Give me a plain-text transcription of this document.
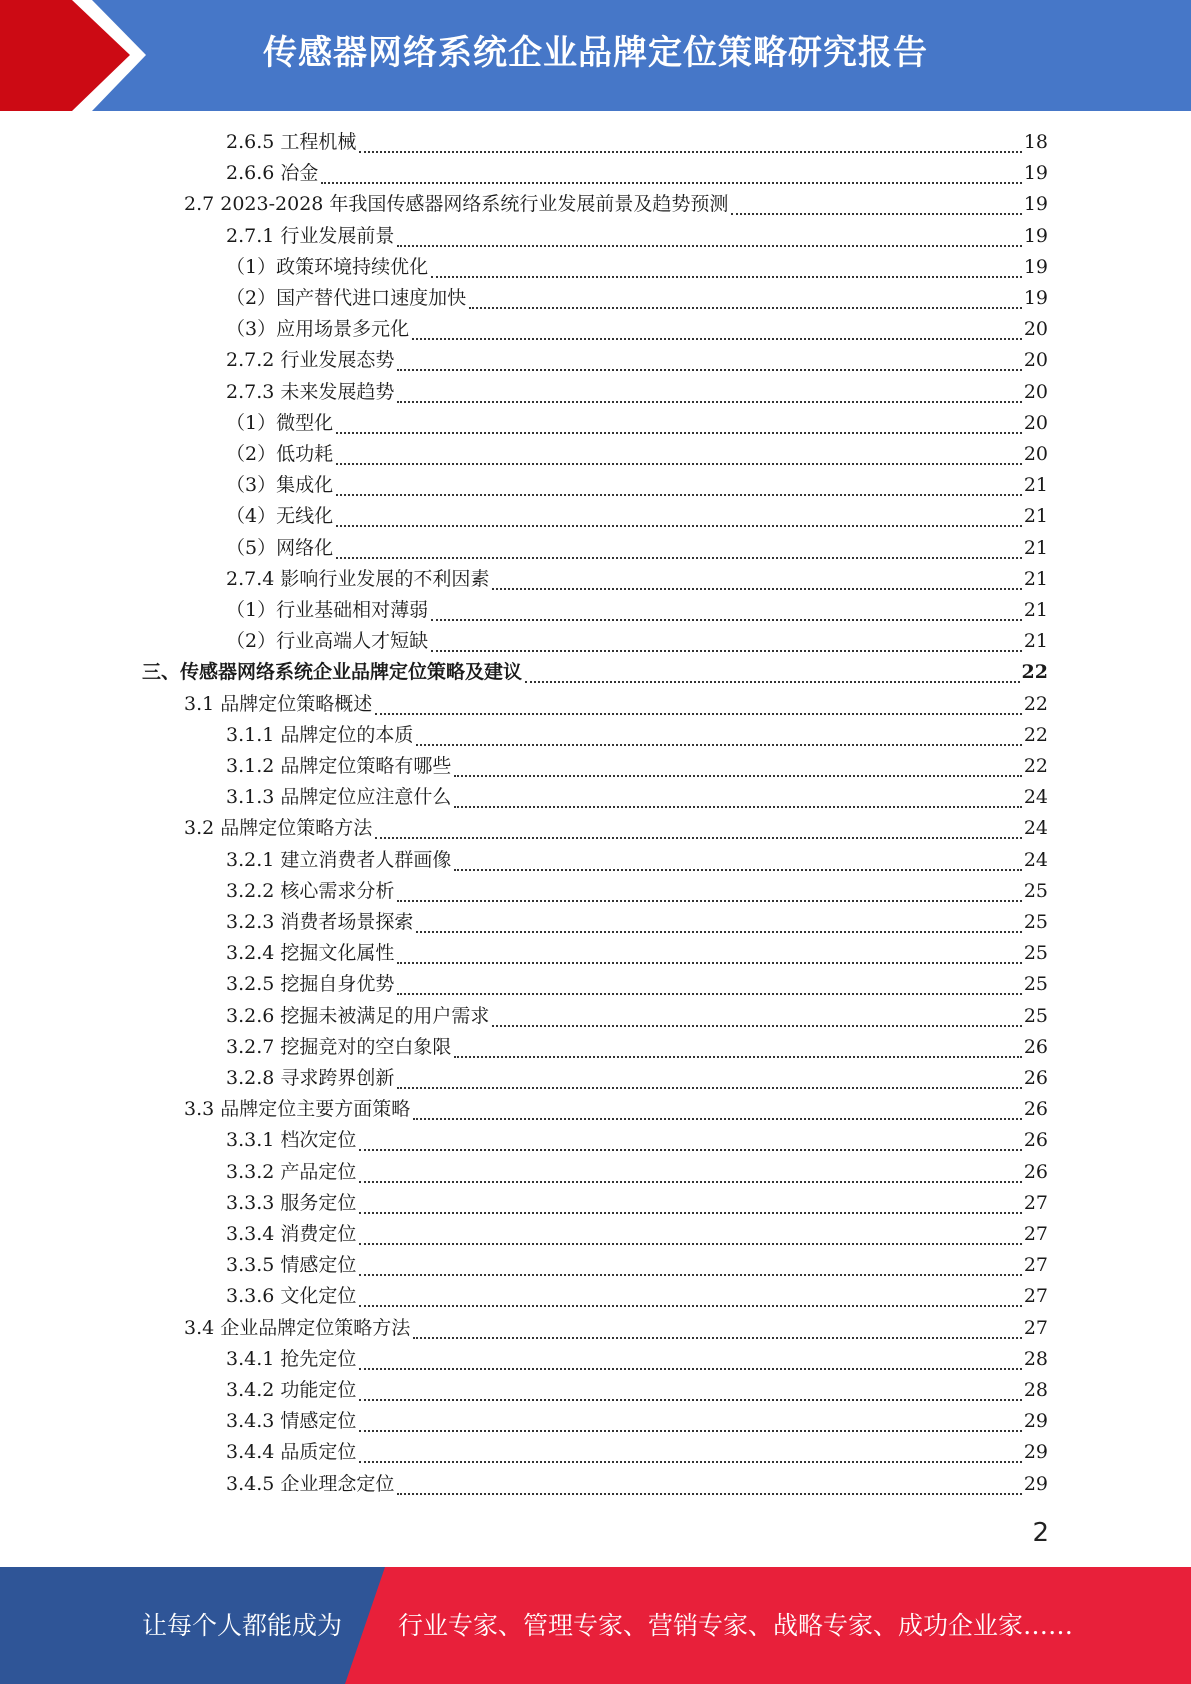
传感器网络系统企业品牌定位策略研究报告
2.6.5 工程机械	18
2.6.6 冶金	19
2.7 2023-2028 年我国传感器网络系统行业发展前景及趋势预测	19
2.7.1 行业发展前景	19
（1）政策环境持续优化	19
（2）国产替代进口速度加快	19
（3）应用场景多元化	20
2.7.2 行业发展态势	20
2.7.3 未来发展趋势	20
（1）微型化	20
（2）低功耗	20
（3）集成化	21
（4）无线化	21
（5）网络化	21
2.7.4 影响行业发展的不利因素	21
（1）行业基础相对薄弱	21
（2）行业高端人才短缺	21
三、传感器网络系统企业品牌定位策略及建议	22
3.1 品牌定位策略概述	22
3.1.1 品牌定位的本质	22
3.1.2 品牌定位策略有哪些	22
3.1.3 品牌定位应注意什么	24
3.2 品牌定位策略方法	24
3.2.1 建立消费者人群画像	24
3.2.2 核心需求分析	25
3.2.3 消费者场景探索	25
3.2.4 挖掘文化属性	25
3.2.5 挖掘自身优势	25
3.2.6 挖掘未被满足的用户需求	25
3.2.7 挖掘竞对的空白象限	26
3.2.8 寻求跨界创新	26
3.3 品牌定位主要方面策略	26
3.3.1 档次定位	26
3.3.2 产品定位	26
3.3.3 服务定位	27
3.3.4 消费定位	27
3.3.5 情感定位	27
3.3.6 文化定位	27
3.4 企业品牌定位策略方法	27
3.4.1 抢先定位	28
3.4.2 功能定位	28
3.4.3 情感定位	29
3.4.4 品质定位	29
3.4.5 企业理念定位	29
2
让每个人都能成为 行业专家、管理专家、营销专家、战略专家、成功企业家……
